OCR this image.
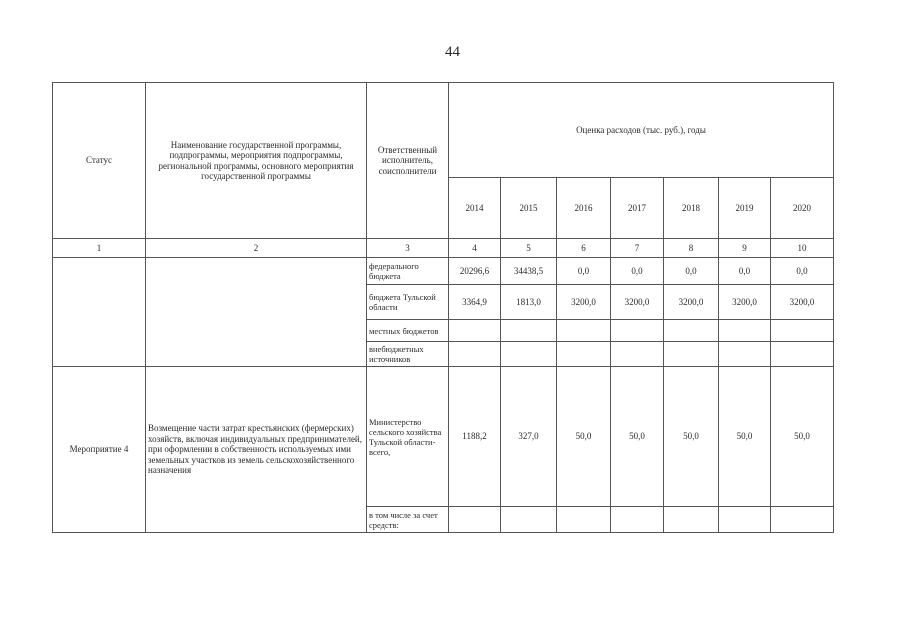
44
Статус	Наименование государственной программы, подпрограммы, мероприятия подпрограммы, региональной программы, основного мероприятия государственной программы	Ответственный исполнитель, соисполнители	Оценка расходов (тыс. руб.), годы						
			2014	2015	2016	2017	2018	2019	2020
1	2	3	4	5	6	7	8	9	10
		федерального бюджета	20296,6	34438,5	0,0	0,0	0,0	0,0	0,0
		бюджета Тульской области	3364,9	1813,0	3200,0	3200,0	3200,0	3200,0	3200,0
		местных бюджетов							
		внебюджетных источников							
Мероприятие 4	Возмещение части затрат крестьянских (фермерских) хозяйств, включая индивидуальных предпринимателей, при оформлении в собственность используемых ими земельных участков из земель сельскохозяйственного назначения	Министерство сельского хозяйства Тульской области- всего,	1188,2	327,0	50,0	50,0	50,0	50,0	50,0
		в том числе за счет средств:							
